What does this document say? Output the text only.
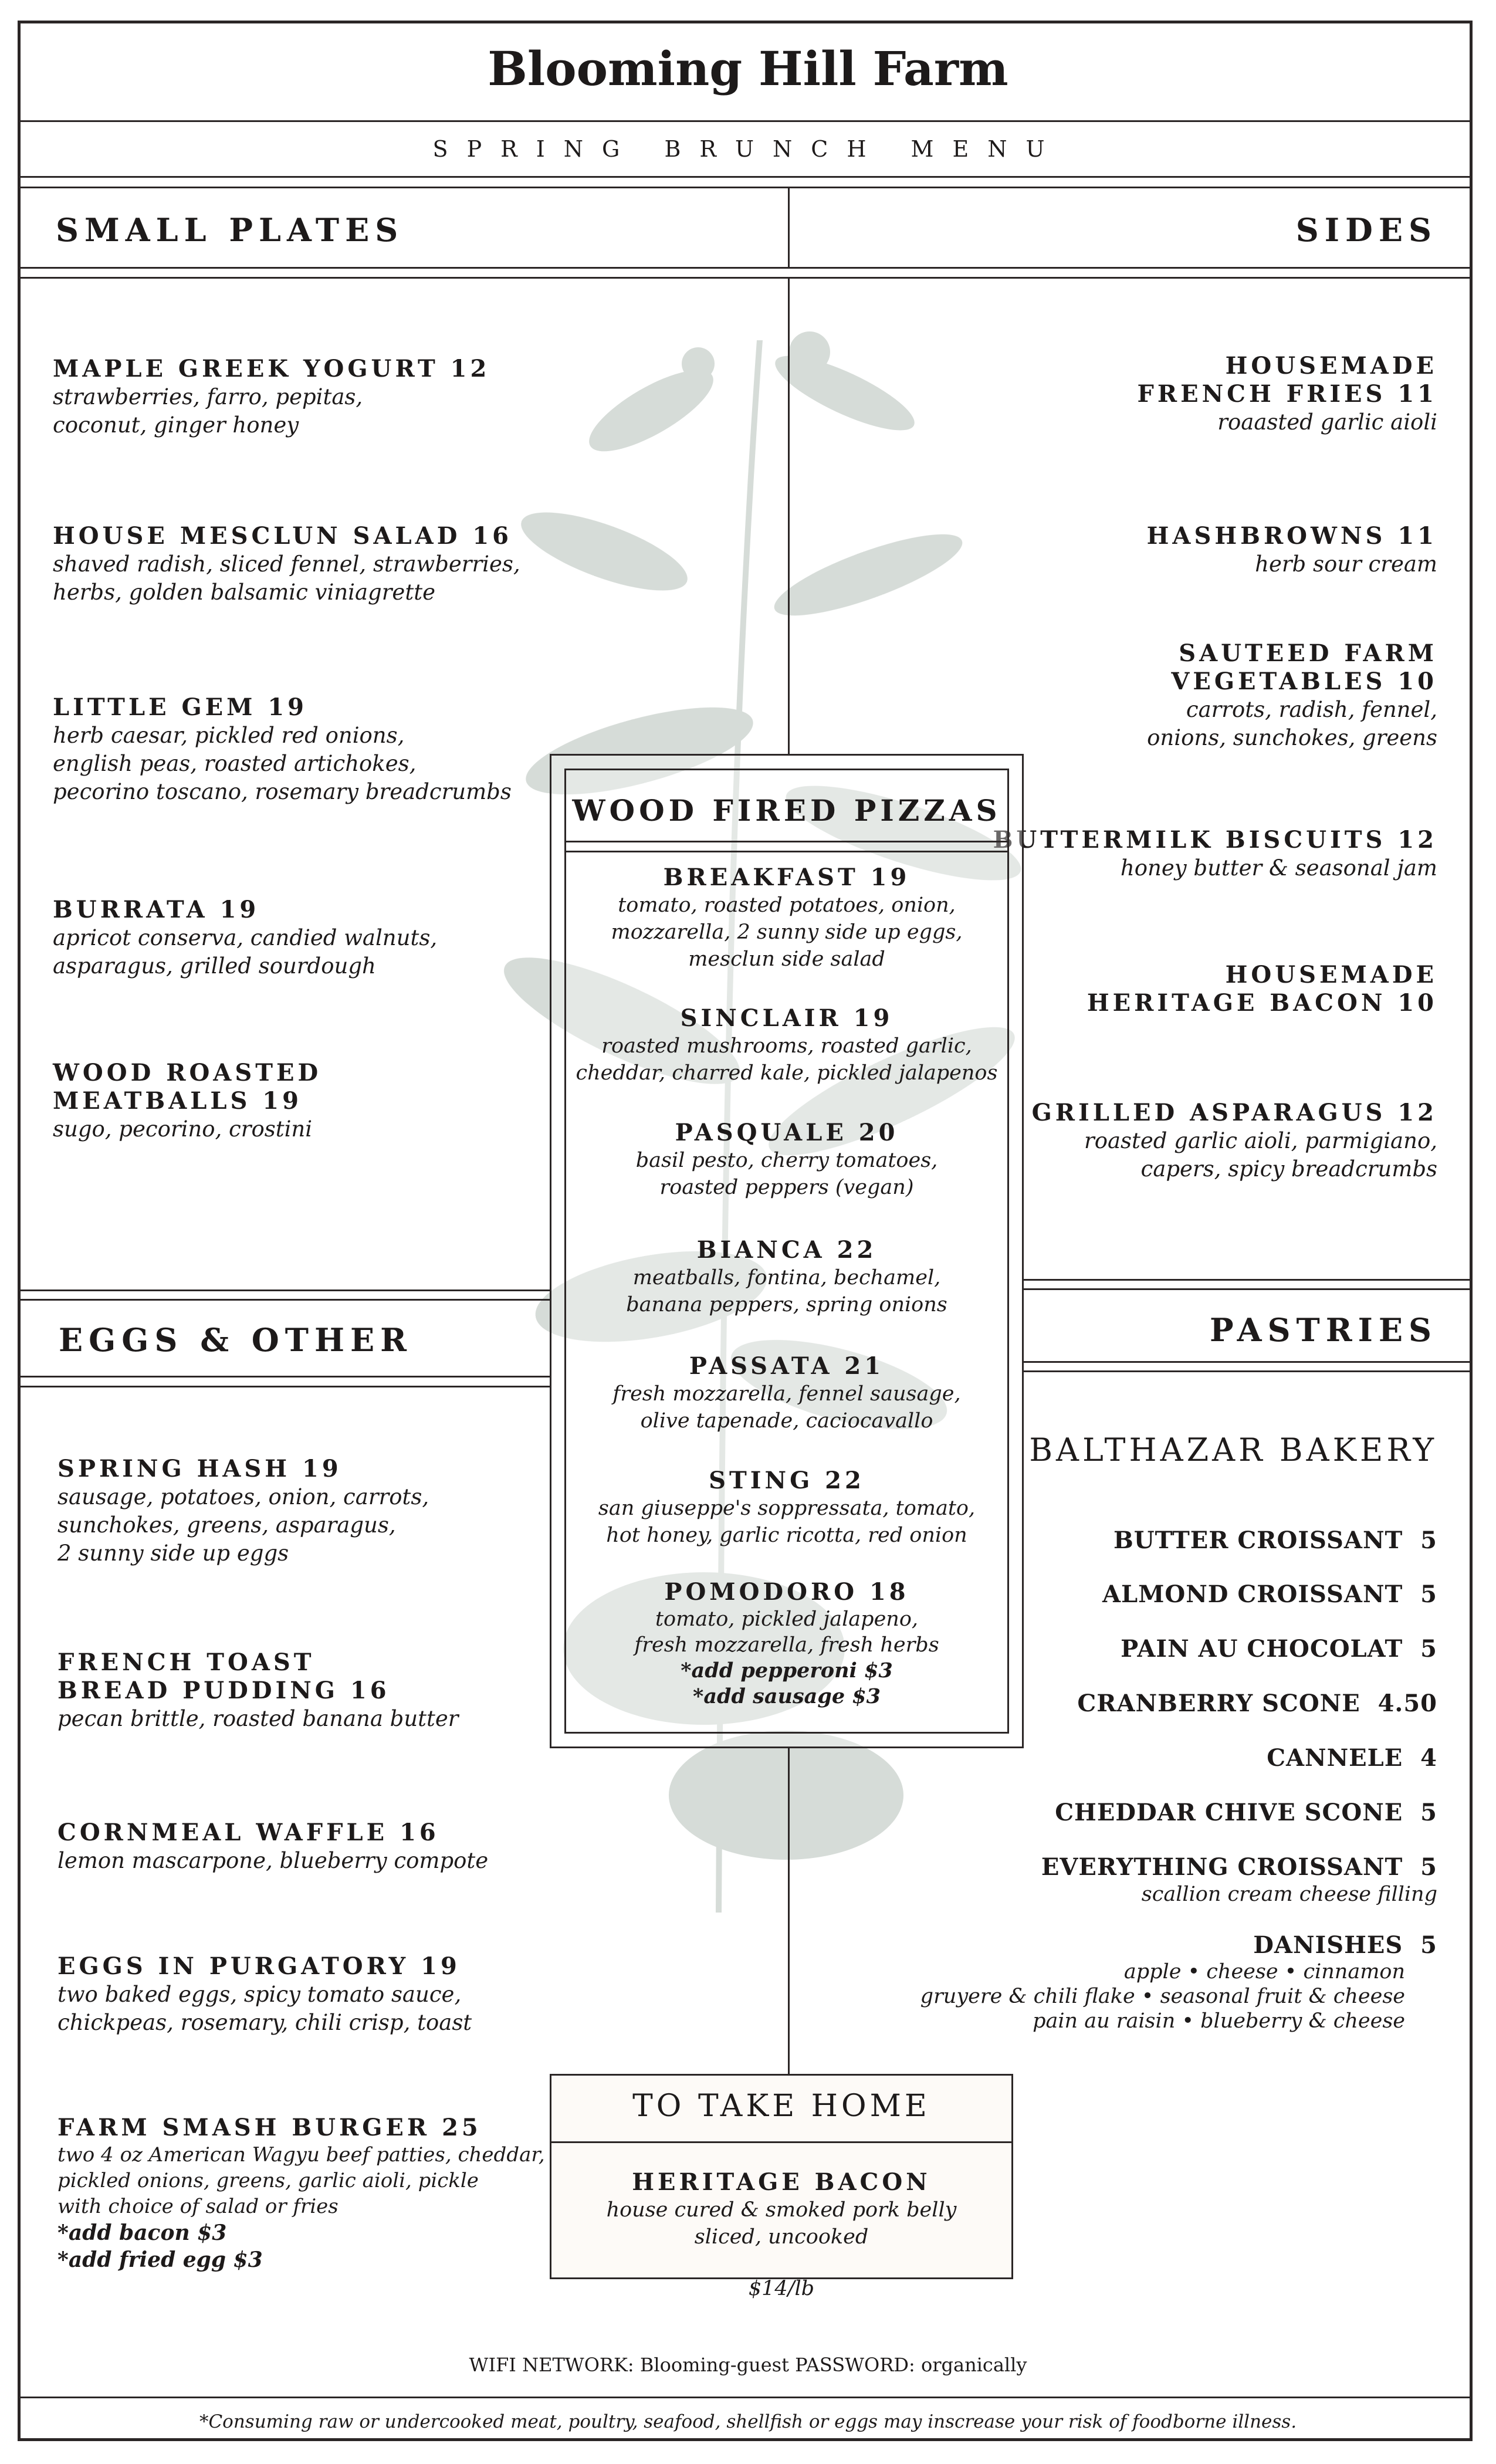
Blooming Hill Farm
SPRING BRUNCH MENU
SMALL PLATES	SIDES
MAPLE GREEK YOGURT 12
strawberries, farro, pepitas,
coconut, ginger honey
HOUSE MESCLUN SALAD 16
shaved radish, sliced fennel, strawberries,
herbs, golden balsamic viniagrette
LITTLE GEM 19
herb caesar, pickled red onions,
english peas, roasted artichokes,
pecorino toscano, rosemary breadcrumbs
BURRATA 19
apricot conserva, candied walnuts,
asparagus, grilled sourdough
WOOD ROASTED
MEATBALLS 19
sugo, pecorino, crostini
HOUSEMADE
FRENCH FRIES 11
roaasted garlic aioli
HASHBROWNS 11
herb sour cream
SAUTEED FARM
VEGETABLES 10
carrots, radish, fennel,
onions, sunchokes, greens
BUTTERMILK BISCUITS 12
honey butter & seasonal jam
HOUSEMADE
HERITAGE BACON 10
GRILLED ASPARAGUS 12
roasted garlic aioli, parmigiano,
capers, spicy breadcrumbs
EGGS & OTHER	PASTRIES
SPRING HASH 19
sausage, potatoes, onion, carrots,
sunchokes, greens, asparagus,
2 sunny side up eggs
FRENCH TOAST
BREAD PUDDING 16
pecan brittle, roasted banana butter
CORNMEAL WAFFLE 16
lemon mascarpone, blueberry compote
EGGS IN PURGATORY 19
two baked eggs, spicy tomato sauce,
chickpeas, rosemary, chili crisp, toast
FARM SMASH BURGER 25
two 4 oz American Wagyu beef patties, cheddar,
pickled onions, greens, garlic aioli, pickle
with choice of salad or fries
*add bacon $3
*add fried egg $3
WOOD FIRED PIZZAS
BREAKFAST 19
tomato, roasted potatoes, onion,
mozzarella, 2 sunny side up eggs,
mesclun side salad
SINCLAIR 19
roasted mushrooms, roasted garlic,
cheddar, charred kale, pickled jalapenos
PASQUALE 20
basil pesto, cherry tomatoes,
roasted peppers (vegan)
BIANCA 22
meatballs, fontina, bechamel,
banana peppers, spring onions
PASSATA 21
fresh mozzarella, fennel sausage,
olive tapenade, caciocavallo
STING 22
san giuseppe's soppressata, tomato,
hot honey, garlic ricotta, red onion
POMODORO 18
tomato, pickled jalapeno,
fresh mozzarella, fresh herbs
*add pepperoni $3
*add sausage $3
BALTHAZAR BAKERY
BUTTER CROISSANT 5
ALMOND CROISSANT 5
PAIN AU CHOCOLAT 5
CRANBERRY SCONE 4.50
CANNELE 4
CHEDDAR CHIVE SCONE 5
EVERYTHING CROISSANT 5
scallion cream cheese filling
DANISHES 5
apple • cheese • cinnamon
gruyere & chili flake • seasonal fruit & cheese
pain au raisin • blueberry & cheese
TO TAKE HOME
HERITAGE BACON
house cured & smoked pork belly
sliced, uncooked
$14/lb
WIFI NETWORK: Blooming-guest PASSWORD: organically
*Consuming raw or undercooked meat, poultry, seafood, shellfish or eggs may inscrease your risk of foodborne illness.
